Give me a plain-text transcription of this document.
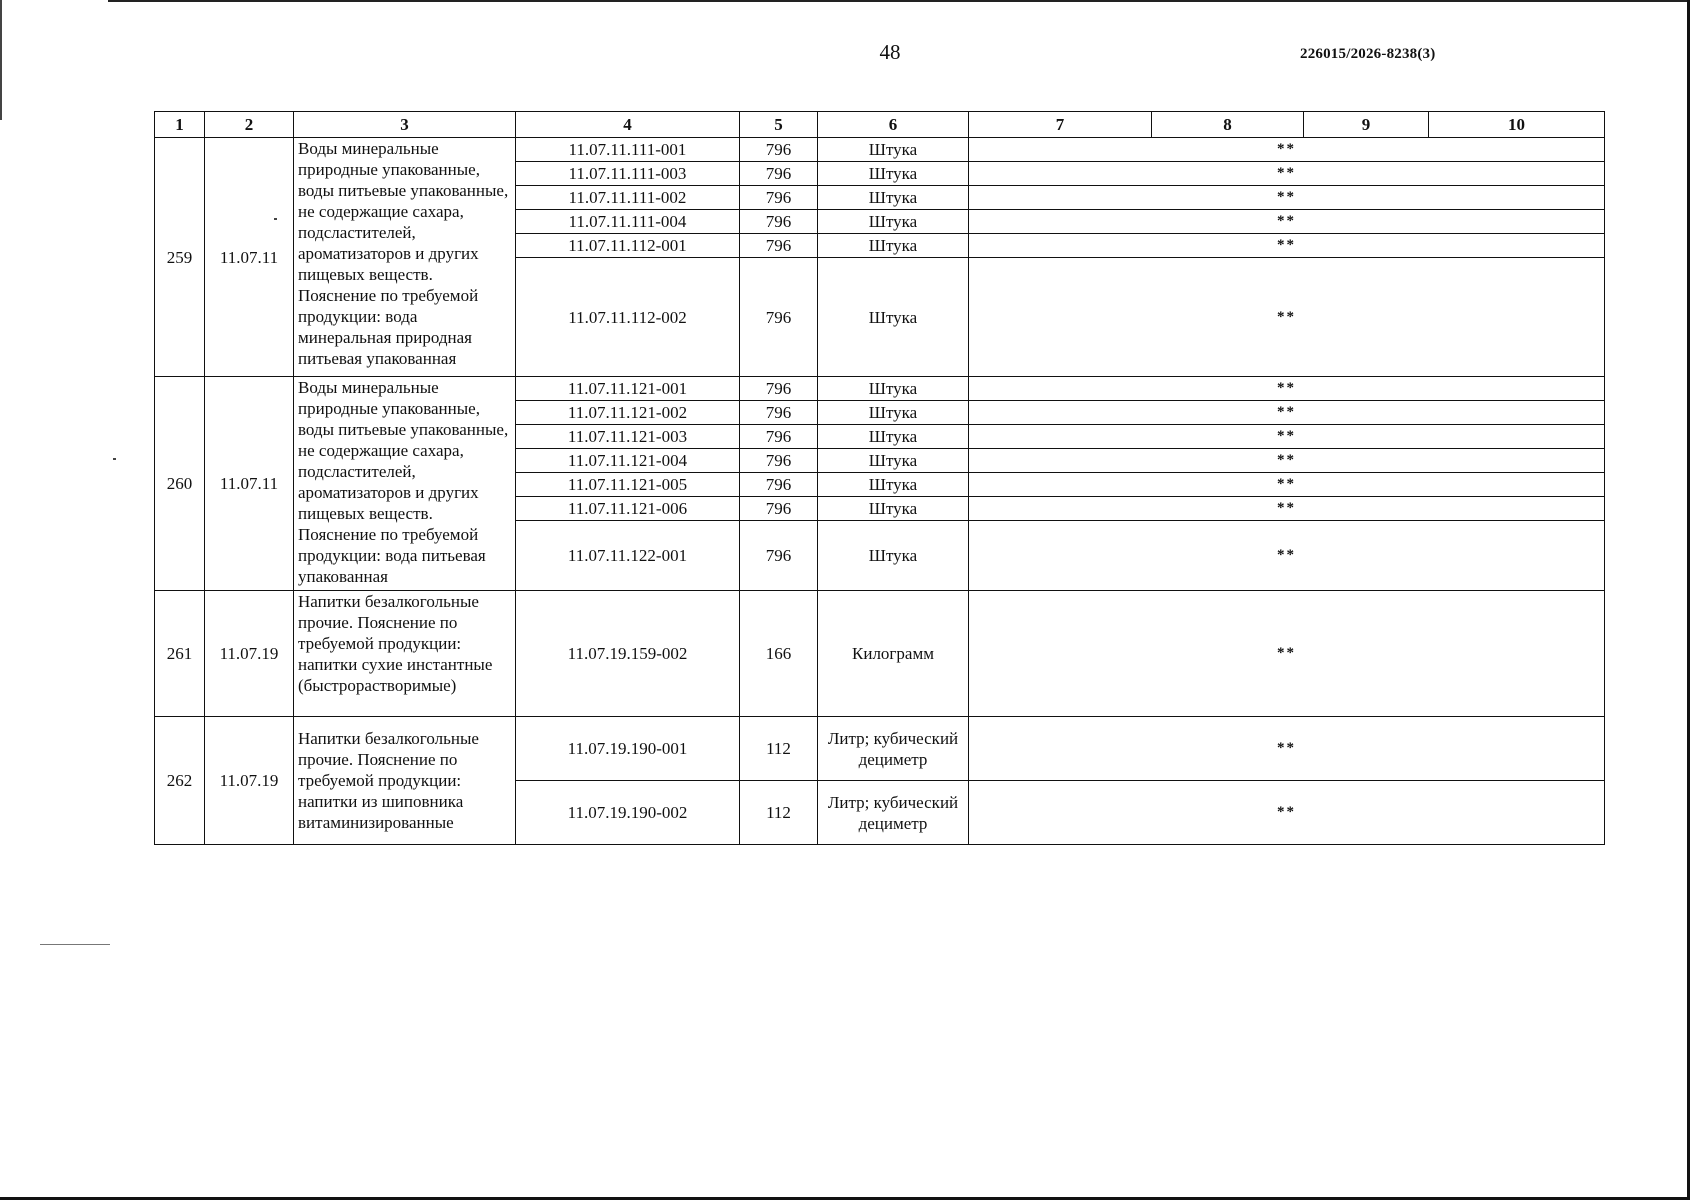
48	226015/2026-8238(3)
1	2	3	4	5	6	7	8	9	10
259	11.07.11	Воды минеральные природные упакованные, воды питьевые упакованные, не содержащие сахара, подсластителей, ароматизаторов и других пищевых веществ. Пояснение по требуемой продукции: вода минеральная природная питьевая упакованная	11.07.11.111-001	796	Штука	**			
			11.07.11.111-003	796	Штука	**			
			11.07.11.111-002	796	Штука	**			
			11.07.11.111-004	796	Штука	**			
			11.07.11.112-001	796	Штука	**			
			11.07.11.112-002	796	Штука	**			
260	11.07.11	Воды минеральные природные упакованные, воды питьевые упакованные, не содержащие сахара, подсластителей, ароматизаторов и других пищевых веществ. Пояснение по требуемой продукции: вода питьевая упакованная	11.07.11.121-001	796	Штука	**			
			11.07.11.121-002	796	Штука	**			
			11.07.11.121-003	796	Штука	**			
			11.07.11.121-004	796	Штука	**			
			11.07.11.121-005	796	Штука	**			
			11.07.11.121-006	796	Штука	**			
			11.07.11.122-001	796	Штука	**			
261	11.07.19	Напитки безалкогольные прочие. Пояснение по требуемой продукции: напитки сухие инстантные (быстрорастворимые)	11.07.19.159-002	166	Килограмм	**			
262	11.07.19	Напитки безалкогольные прочие. Пояснение по требуемой продукции: напитки из шиповника витаминизированные	11.07.19.190-001	112	Литр; кубический дециметр	**			
			11.07.19.190-002	112	Литр; кубический дециметр	**			
